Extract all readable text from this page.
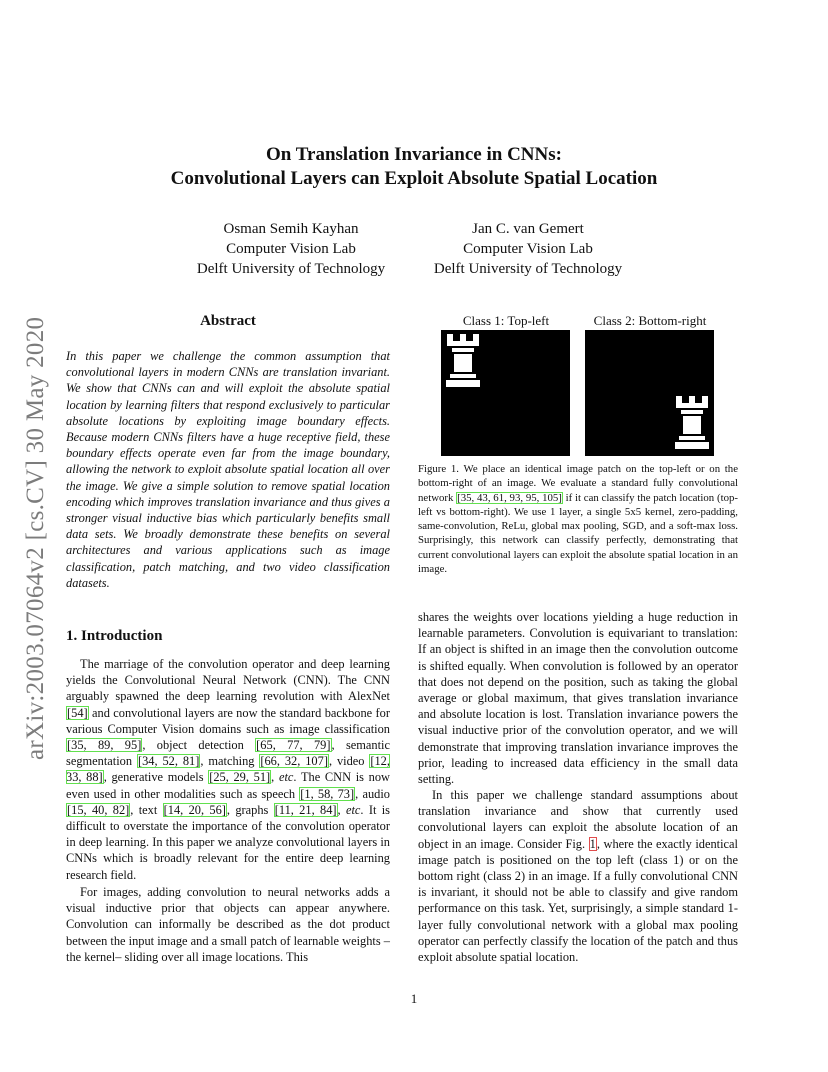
arXiv:2003.07064v2 [cs.CV] 30 May 2020
On Translation Invariance in CNNs:
Convolutional Layers can Exploit Absolute Spatial Location
Osman Semih Kayhan
Computer Vision Lab
Delft University of Technology
Jan C. van Gemert
Computer Vision Lab
Delft University of Technology
Abstract
In this paper we challenge the common assumption that convolutional layers in modern CNNs are translation invariant. We show that CNNs can and will exploit the absolute spatial location by learning filters that respond exclusively to particular absolute locations by exploiting image boundary effects. Because modern CNNs filters have a huge receptive field, these boundary effects operate even far from the image boundary, allowing the network to exploit absolute spatial location all over the image. We give a simple solution to remove spatial location encoding which improves translation invariance and thus gives a stronger visual inductive bias which particularly benefits small data sets. We broadly demonstrate these benefits on several architectures and various applications such as image classification, patch matching, and two video classification datasets.
1. Introduction
The marriage of the convolution operator and deep learning yields the Convolutional Neural Network (CNN). The CNN arguably spawned the deep learning revolution with AlexNet [54] and convolutional layers are now the standard backbone for various Computer Vision domains such as image classification [35, 89, 95], object detection [65, 77, 79], semantic segmentation [34, 52, 81], matching [66, 32, 107], video [12, 33, 88], generative models [25, 29, 51], etc. The CNN is now even used in other modalities such as speech [1, 58, 73], audio [15, 40, 82], text [14, 20, 56], graphs [11, 21, 84], etc. It is difficult to overstate the importance of the convolution operator in deep learning. In this paper we analyze convolutional layers in CNNs which is broadly relevant for the entire deep learning research field.
For images, adding convolution to neural networks adds a visual inductive prior that objects can appear anywhere. Convolution can informally be described as the dot product between the input image and a small patch of learnable weights –the kernel– sliding over all image locations. This
Class 1: Top-left	Class 2: Bottom-right
Figure 1. We place an identical image patch on the top-left or on the bottom-right of an image. We evaluate a standard fully convolutional network [35, 43, 61, 93, 95, 105] if it can classify the patch location (top-left vs bottom-right). We use 1 layer, a single 5x5 kernel, zero-padding, same-convolution, ReLu, global max pooling, SGD, and a soft-max loss. Surprisingly, this network can classify perfectly, demonstrating that current convolutional layers can exploit the absolute spatial location in an image.
shares the weights over locations yielding a huge reduction in learnable parameters. Convolution is equivariant to translation: If an object is shifted in an image then the convolution outcome is shifted equally. When convolution is followed by an operator that does not depend on the position, such as taking the global average or global maximum, that gives translation invariance and absolute location is lost. Translation invariance powers the visual inductive prior of the convolution operator, and we will demonstrate that improving translation invariance improves the prior, leading to increased data efficiency in the small data setting.
In this paper we challenge standard assumptions about translation invariance and show that currently used convolutional layers can exploit the absolute location of an object in an image. Consider Fig. 1, where the exactly identical image patch is positioned on the top left (class 1) or on the bottom right (class 2) in an image. If a fully convolutional CNN is invariant, it should not be able to classify and give random performance on this task. Yet, surprisingly, a simple standard 1-layer fully convolutional network with a global max pooling operator can perfectly classify the location of the patch and thus exploit absolute spatial location.
1
